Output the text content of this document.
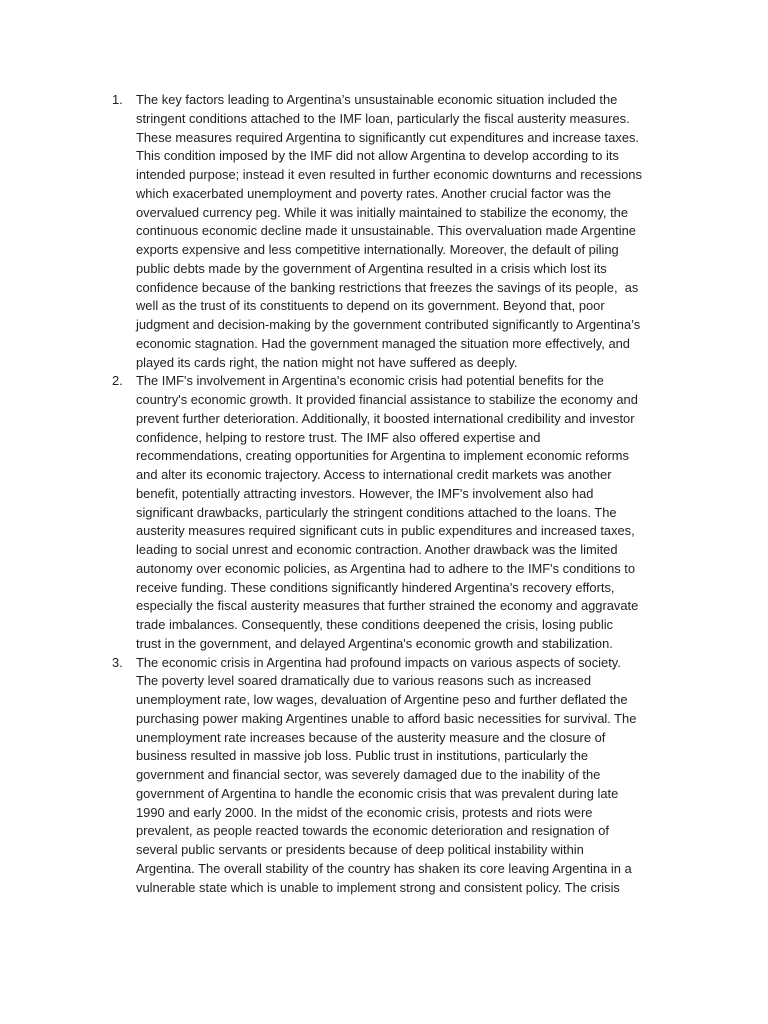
1. The key factors leading to Argentina’s unsustainable economic situation included the
stringent conditions attached to the IMF loan, particularly the fiscal austerity measures.
These measures required Argentina to significantly cut expenditures and increase taxes.
This condition imposed by the IMF did not allow Argentina to develop according to its
intended purpose; instead it even resulted in further economic downturns and recessions
which exacerbated unemployment and poverty rates. Another crucial factor was the
overvalued currency peg. While it was initially maintained to stabilize the economy, the
continuous economic decline made it unsustainable. This overvaluation made Argentine
exports expensive and less competitive internationally. Moreover, the default of piling
public debts made by the government of Argentina resulted in a crisis which lost its
confidence because of the banking restrictions that freezes the savings of its people,  as
well as the trust of its constituents to depend on its government. Beyond that, poor
judgment and decision-making by the government contributed significantly to Argentina’s
economic stagnation. Had the government managed the situation more effectively, and
played its cards right, the nation might not have suffered as deeply.
2. The IMF's involvement in Argentina's economic crisis had potential benefits for the
country's economic growth. It provided financial assistance to stabilize the economy and
prevent further deterioration. Additionally, it boosted international credibility and investor
confidence, helping to restore trust. The IMF also offered expertise and
recommendations, creating opportunities for Argentina to implement economic reforms
and alter its economic trajectory. Access to international credit markets was another
benefit, potentially attracting investors. However, the IMF's involvement also had
significant drawbacks, particularly the stringent conditions attached to the loans. The
austerity measures required significant cuts in public expenditures and increased taxes,
leading to social unrest and economic contraction. Another drawback was the limited
autonomy over economic policies, as Argentina had to adhere to the IMF's conditions to
receive funding. These conditions significantly hindered Argentina's recovery efforts,
especially the fiscal austerity measures that further strained the economy and aggravate
trade imbalances. Consequently, these conditions deepened the crisis, losing public
trust in the government, and delayed Argentina's economic growth and stabilization.
3. The economic crisis in Argentina had profound impacts on various aspects of society.
The poverty level soared dramatically due to various reasons such as increased
unemployment rate, low wages, devaluation of Argentine peso and further deflated the
purchasing power making Argentines unable to afford basic necessities for survival. The
unemployment rate increases because of the austerity measure and the closure of
business resulted in massive job loss. Public trust in institutions, particularly the
government and financial sector, was severely damaged due to the inability of the
government of Argentina to handle the economic crisis that was prevalent during late
1990 and early 2000. In the midst of the economic crisis, protests and riots were
prevalent, as people reacted towards the economic deterioration and resignation of
several public servants or presidents because of deep political instability within
Argentina. The overall stability of the country has shaken its core leaving Argentina in a
vulnerable state which is unable to implement strong and consistent policy. The crisis
